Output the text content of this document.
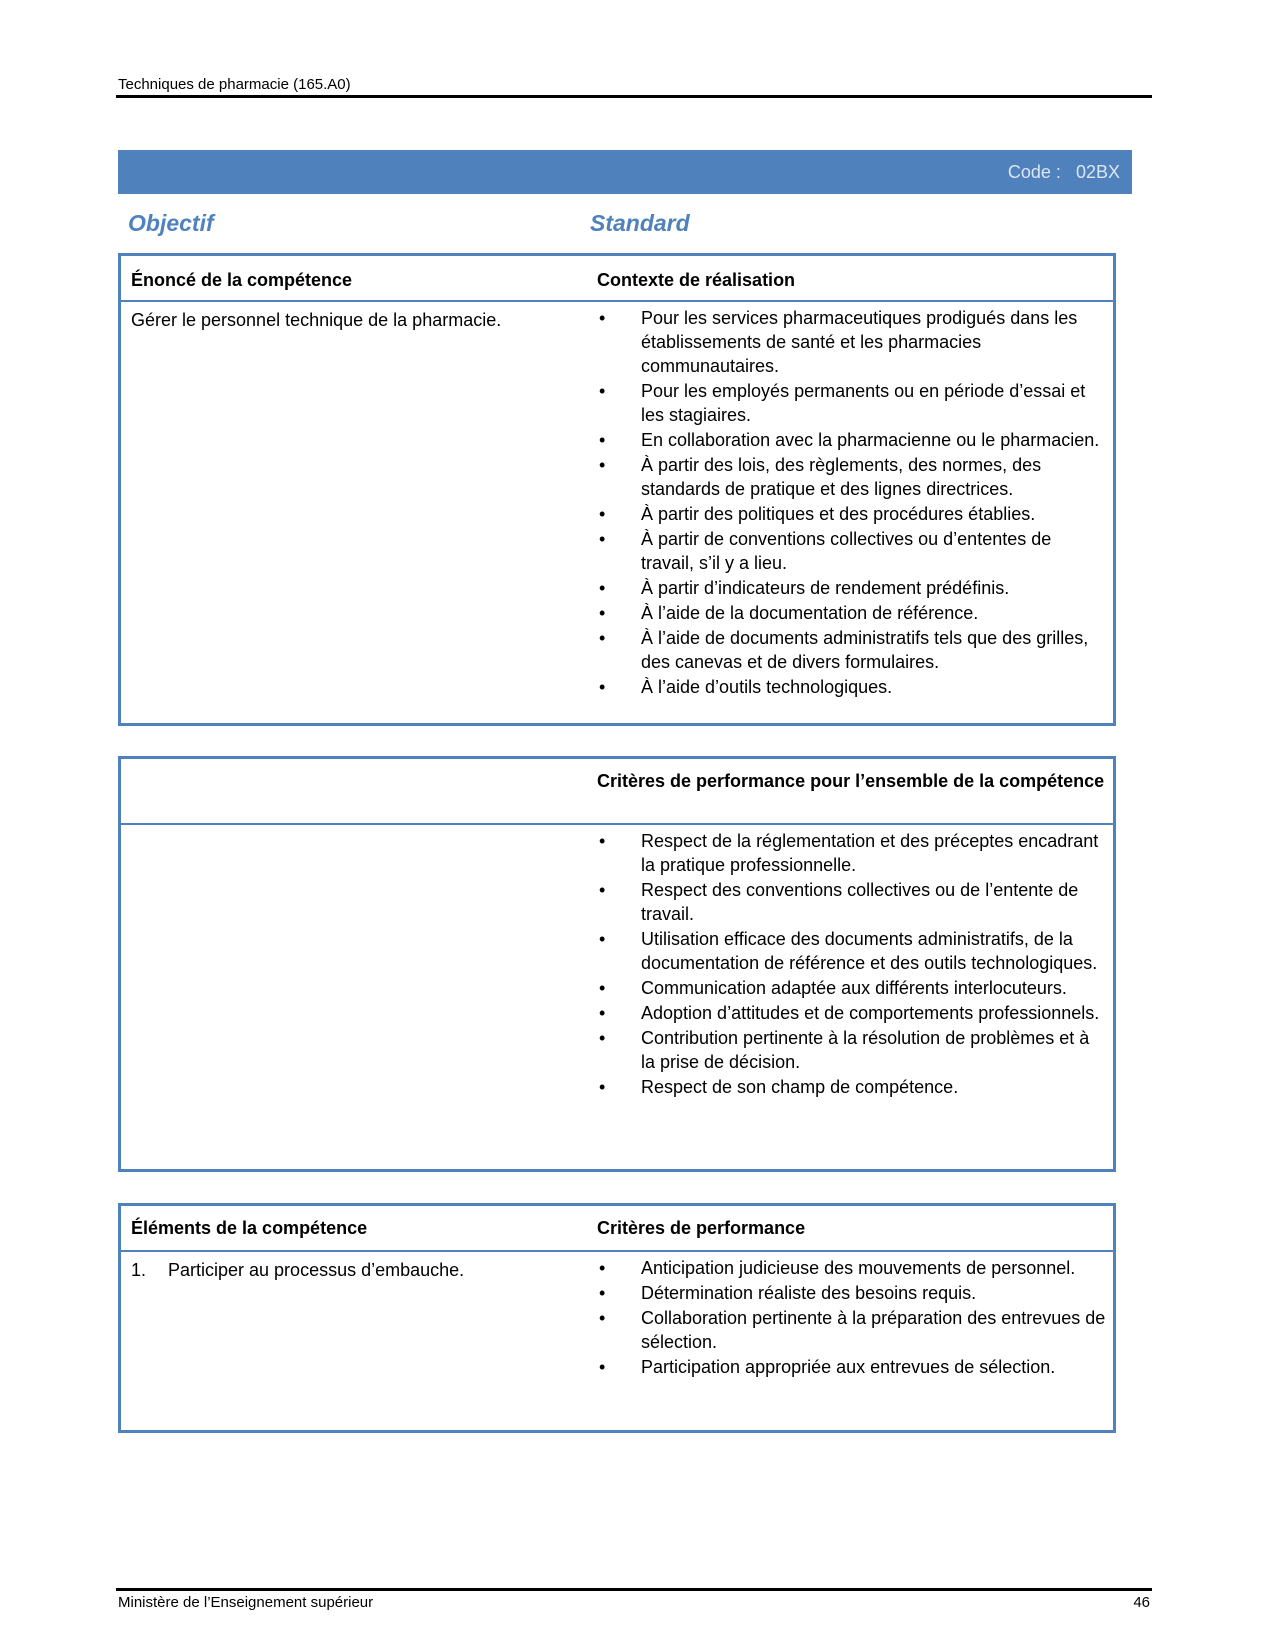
Techniques de pharmacie (165.A0)
Code : 02BX
Objectif	Standard
Énoncé de la compétence	Contexte de réalisation
Gérer le personnel technique de la pharmacie.	• Pour les services pharmaceutiques prodigués dans les établissements de santé et les pharmacies communautaires.
• Pour les employés permanents ou en période d’essai et les stagiaires.
• En collaboration avec la pharmacienne ou le pharmacien.
• À partir des lois, des règlements, des normes, des standards de pratique et des lignes directrices.
• À partir des politiques et des procédures établies.
• À partir de conventions collectives ou d’ententes de travail, s’il y a lieu.
• À partir d’indicateurs de rendement prédéfinis.
• À l’aide de la documentation de référence.
• À l’aide de documents administratifs tels que des grilles, des canevas et de divers formulaires.
• À l’aide d’outils technologiques.
Critères de performance pour l’ensemble de la compétence
• Respect de la réglementation et des préceptes encadrant la pratique professionnelle.
• Respect des conventions collectives ou de l’entente de travail.
• Utilisation efficace des documents administratifs, de la documentation de référence et des outils technologiques.
• Communication adaptée aux différents interlocuteurs.
• Adoption d’attitudes et de comportements professionnels.
• Contribution pertinente à la résolution de problèmes et à la prise de décision.
• Respect de son champ de compétence.
Éléments de la compétence	Critères de performance
1. Participer au processus d’embauche.	• Anticipation judicieuse des mouvements de personnel.
• Détermination réaliste des besoins requis.
• Collaboration pertinente à la préparation des entrevues de sélection.
• Participation appropriée aux entrevues de sélection.
Ministère de l’Enseignement supérieur	46
